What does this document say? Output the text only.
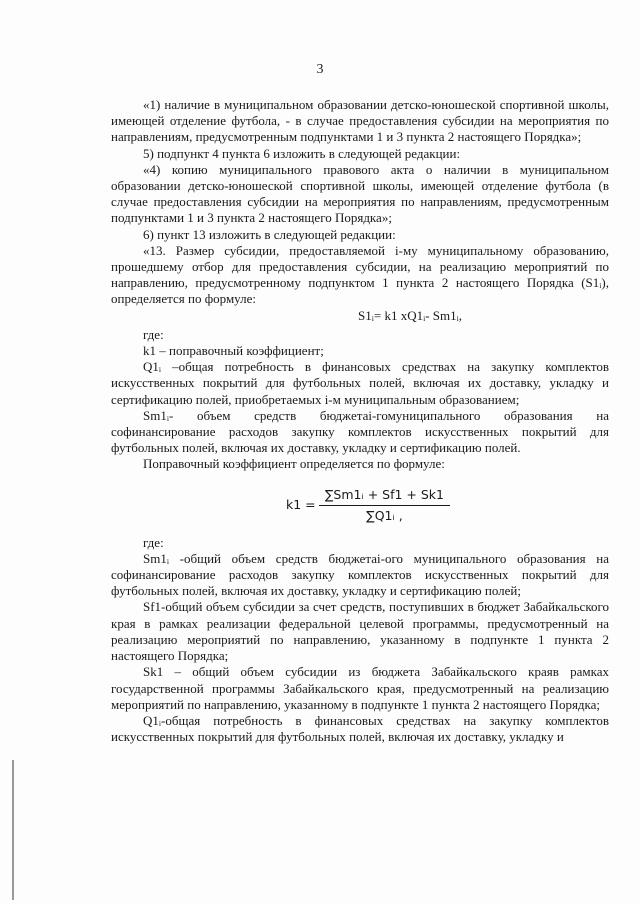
3

«1) наличие в муниципальном образовании детско-юношеской спортивной школы, имеющей отделение футбола, - в случае предоставления субсидии на мероприятия по направлениям, предусмотренным подпунктами 1 и 3 пункта 2 настоящего Порядка»;

5) подпункт 4 пункта 6 изложить в следующей редакции:

«4) копию муниципального правового акта о наличии в муниципальном образовании детско-юношеской спортивной школы, имеющей отделение футбола (в случае предоставления субсидии на мероприятия по направлениям, предусмотренным подпунктами 1 и 3 пункта 2 настоящего Порядка»;

6) пункт 13 изложить в следующей редакции:

«13. Размер субсидии, предоставляемой i-му муниципальному образованию, прошедшему отбор для предоставления субсидии, на реализацию мероприятий по направлению, предусмотренному подпунктом 1 пункта 2 настоящего Порядка (S1ᵢ), определяется по формуле:

S1ᵢ= k1 xQ1ᵢ- Sm1ᵢ,

где:

k1 – поправочный коэффициент;

Q1ᵢ –общая потребность в финансовых средствах на закупку комплектов искусственных покрытий для футбольных полей, включая их доставку, укладку и сертификацию полей, приобретаемых i-м муниципальным образованием;

Sm1ᵢ- объем средств бюджетаi-гомуниципального образования на софинансирование расходов закупку комплектов искусственных покрытий для футбольных полей, включая их доставку, укладку и сертификацию полей.

Поправочный коэффициент определяется по формуле:

$k1 = \frac{\text{∑Sm1ᵢ + Sf1 + Sk1}}{\text{∑Q1ᵢ ,}}$

где:

Sm1ᵢ -общий объем средств бюджетаi-ого муниципального образования на софинансирование расходов закупку комплектов искусственных покрытий для футбольных полей, включая их доставку, укладку и сертификацию полей;

Sf1-общий объем субсидии за счет средств, поступивших в бюджет Забайкальского края в рамках реализации федеральной целевой программы, предусмотренный на реализацию мероприятий по направлению, указанному в подпункте 1 пункта 2 настоящего Порядка;

Sk1 – общий объем субсидии из бюджета Забайкальского краяв рамках государственной программы Забайкальского края, предусмотренный на реализацию мероприятий по направлению, указанному в подпункте 1 пункта 2 настоящего Порядка;

Q1ᵢ-общая потребность в финансовых средствах на закупку комплектов искусственных покрытий для футбольных полей, включая их доставку, укладку и
